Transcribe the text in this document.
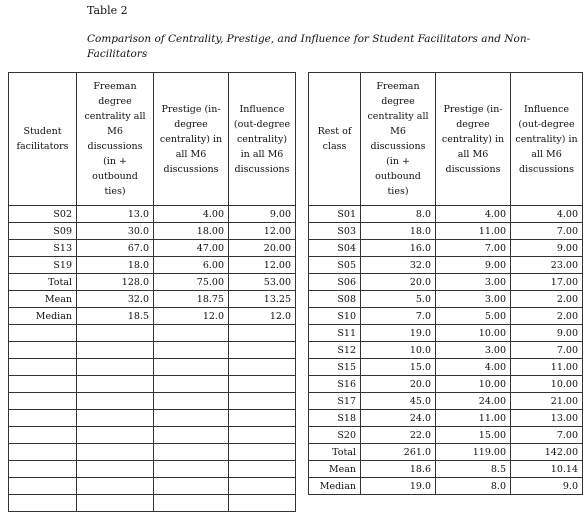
Table 2
Comparison of Centrality, Prestige, and Influence for Student Facilitators and Non-Facilitators
Student facilitators	Freeman degree centrality all M6 discussions (in + outbound ties)	Prestige (in-degree centrality) in all M6 discussions	Influence (out-degree centrality) in all M6 discussions
S02	13.0	4.00	9.00
S09	30.0	18.00	12.00
S13	67.0	47.00	20.00
S19	18.0	6.00	12.00
Total	128.0	75.00	53.00
Mean	32.0	18.75	13.25
Median	18.5	12.0	12.0

Rest of class	Freeman degree centrality all M6 discussions (in + outbound ties)	Prestige (in-degree centrality) in all M6 discussions	Influence (out-degree centrality) in all M6 discussions
S01	8.0	4.00	4.00
S03	18.0	11.00	7.00
S04	16.0	7.00	9.00
S05	32.0	9.00	23.00
S06	20.0	3.00	17.00
S08	5.0	3.00	2.00
S10	7.0	5.00	2.00
S11	19.0	10.00	9.00
S12	10.0	3.00	7.00
S15	15.0	4.00	11.00
S16	20.0	10.00	10.00
S17	45.0	24.00	21.00
S18	24.0	11.00	13.00
S20	22.0	15.00	7.00
Total	261.0	119.00	142.00
Mean	18.6	8.5	10.14
Median	19.0	8.0	9.0
